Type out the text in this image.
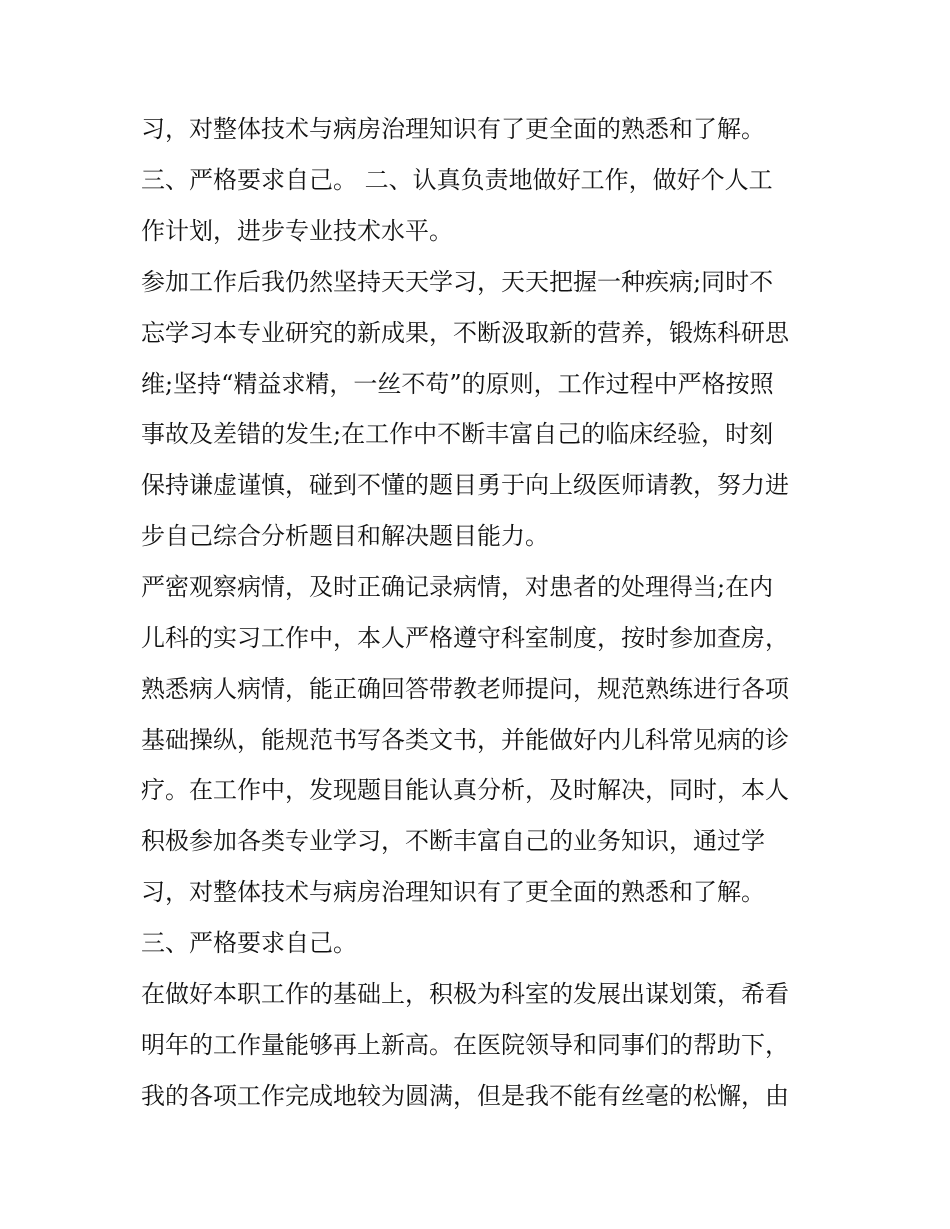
习，对整体技术与病房治理知识有了更全面的熟悉和了解。
三、严格要求自己。 二、认真负责地做好工作，做好个人工
作计划，进步专业技术水平。
参加工作后我仍然坚持天天学习，天天把握一种疾病;同时不
忘学习本专业研究的新成果，不断汲取新的营养，锻炼科研思
维;坚持“精益求精，一丝不苟”的原则，工作过程中严格按照
事故及差错的发生;在工作中不断丰富自己的临床经验，时刻
保持谦虚谨慎，碰到不懂的题目勇于向上级医师请教，努力进
步自己综合分析题目和解决题目能力。
严密观察病情，及时正确记录病情，对患者的处理得当;在内
儿科的实习工作中，本人严格遵守科室制度，按时参加查房，
熟悉病人病情，能正确回答带教老师提问，规范熟练进行各项
基础操纵，能规范书写各类文书，并能做好内儿科常见病的诊
疗。在工作中，发现题目能认真分析，及时解决，同时，本人
积极参加各类专业学习，不断丰富自己的业务知识，通过学
习，对整体技术与病房治理知识有了更全面的熟悉和了解。
三、严格要求自己。
在做好本职工作的基础上，积极为科室的发展出谋划策，希看
明年的工作量能够再上新高。在医院领导和同事们的帮助下，
我的各项工作完成地较为圆满，但是我不能有丝毫的松懈，由
